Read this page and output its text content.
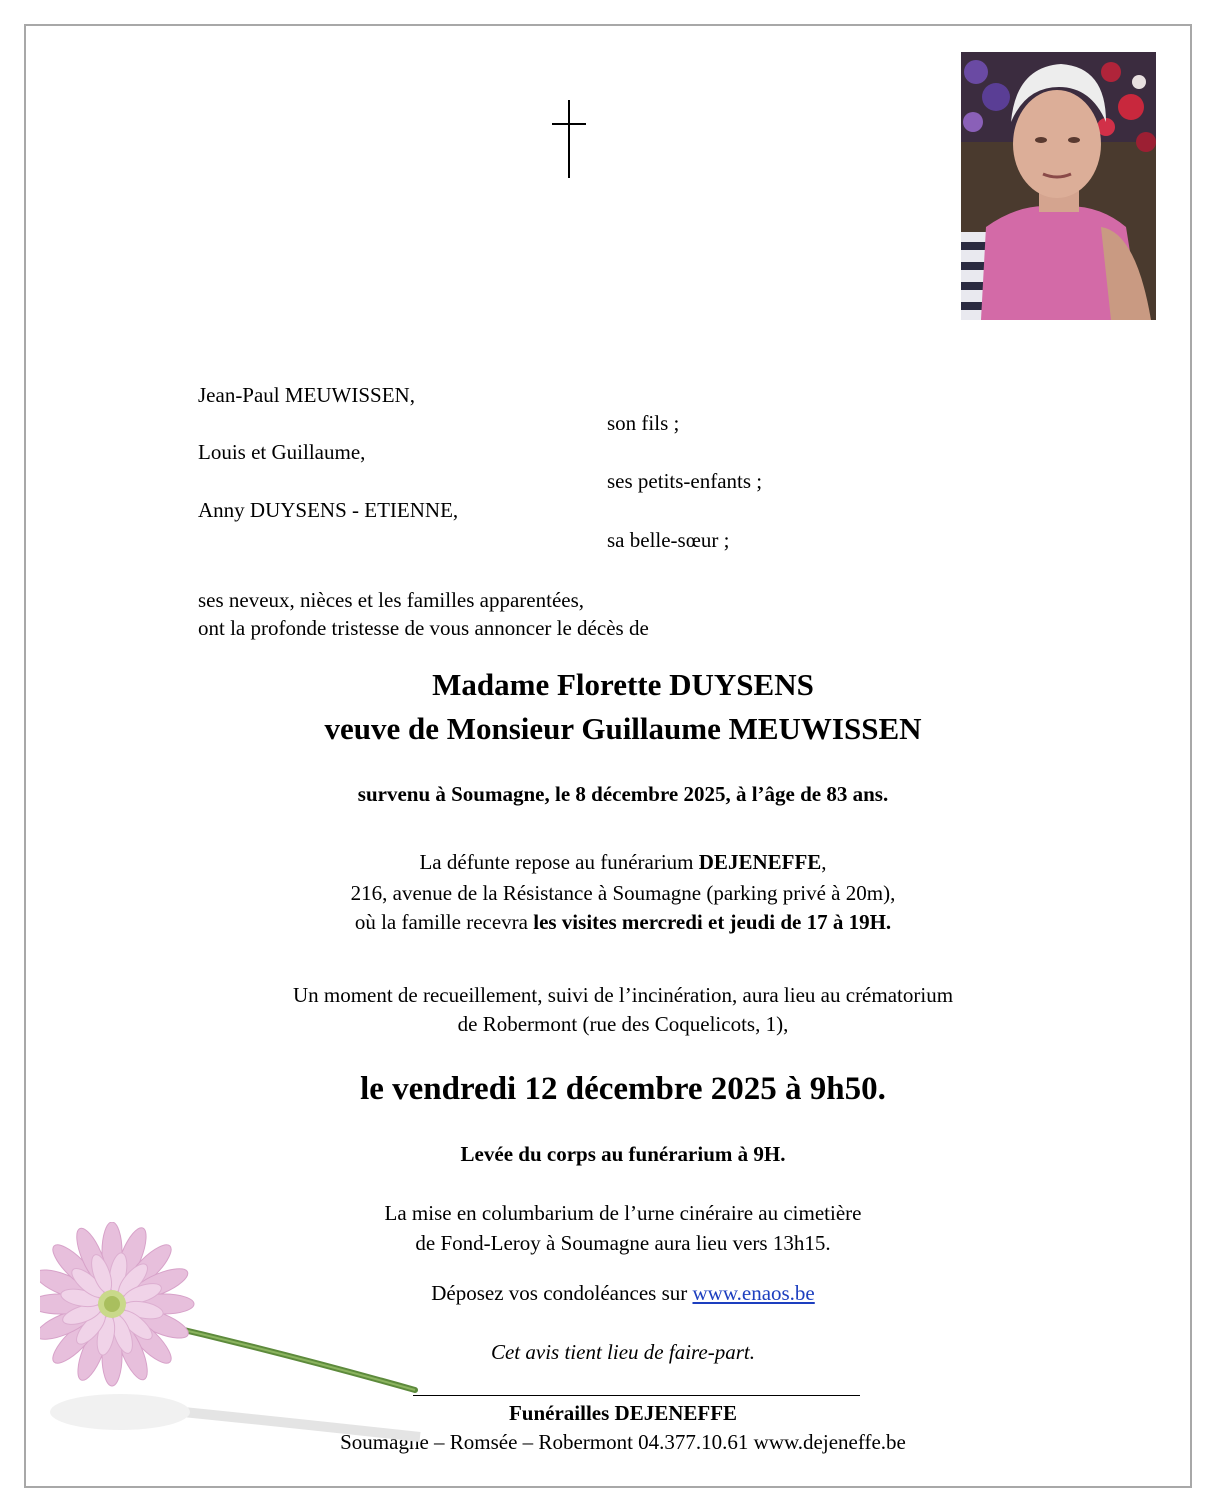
Jean-Paul MEUWISSEN,
son fils ;
Louis et Guillaume,
ses petits-enfants ;
Anny DUYSENS - ETIENNE,
sa belle-sœur ;
ses neveux, nièces et les familles apparentées,
ont la profonde tristesse de vous annoncer le décès de
Madame Florette DUYSENS
veuve de Monsieur Guillaume MEUWISSEN
survenu à Soumagne, le 8 décembre 2025, à l’âge de 83 ans.
La défunte repose au funérarium DEJENEFFE,
216, avenue de la Résistance à Soumagne (parking privé à 20m),
où la famille recevra les visites mercredi et jeudi de 17 à 19H.
Un moment de recueillement, suivi de l’incinération, aura lieu au crématorium
de Robermont (rue des Coquelicots, 1),
le vendredi 12 décembre 2025 à 9h50.
Levée du corps au funérarium à 9H.
La mise en columbarium de l’urne cinéraire au cimetière
de Fond-Leroy à Soumagne aura lieu vers 13h15.
Déposez vos condoléances sur www.enaos.be
Cet avis tient lieu de faire-part.
Funérailles DEJENEFFE
Soumagne – Romsée – Robermont 04.377.10.61 www.dejeneffe.be
